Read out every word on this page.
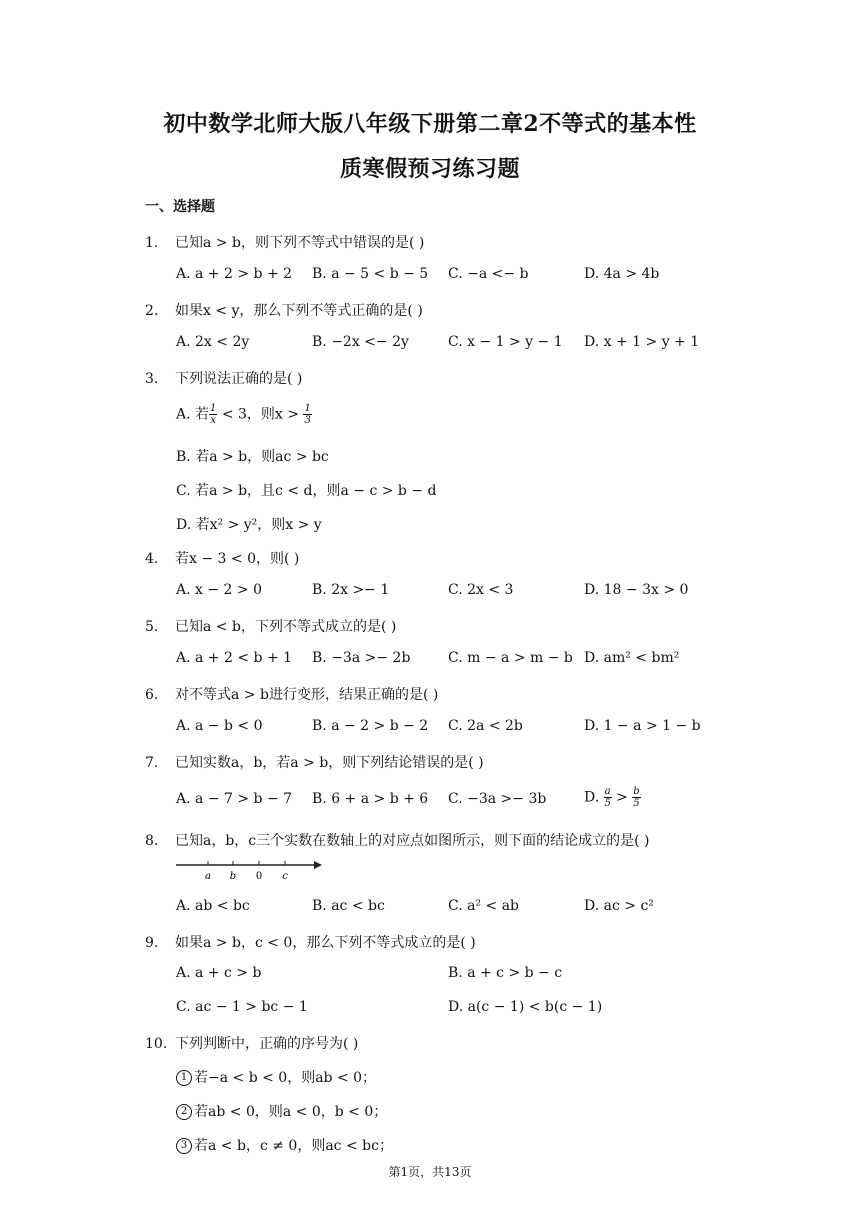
初中数学北师大版八年级下册第二章2不等式的基本性
质寒假预习练习题
一、选择题
1. 已知a > b，则下列不等式中错误的是( )
A. a + 2 > b + 2 B. a − 5 < b − 5 C. −a <− b	D. 4a > 4b
2. 如果x < y，那么下列不等式正确的是( )
A. 2x < 2y	B. −2x <− 2y	C. x − 1 > y − 1 D. x + 1 > y + 1
3. 下列说法正确的是( )
A. 若 $\frac{1}{x} < 3$，则$x > \frac{1}{3}$
B. 若a > b，则ac > bc
C. 若a > b，且c < d，则a − c > b − d
D. 若x² > y²，则x > y
4. 若x − 3 < 0，则( )
A. x − 2 > 0	B. 2x >− 1	C. 2x < 3	D. 18 − 3x > 0
5. 已知a < b，下列不等式成立的是( )
A. a + 2 < b + 1 B. −3a >− 2b	C. m − a > m − b D. am² < bm²
6. 对不等式a > b进行变形，结果正确的是( )
A. a − b < 0	B. a − 2 > b − 2 C. 2a < 2b	D. 1 − a > 1 − b
7. 已知实数a，b，若a > b，则下列结论错误的是( )
A. a − 7 > b − 7 B. 6 + a > b + 6 C. −3a >− 3b	D. $\frac{a}{5} > \frac{b}{5}$
8. 已知a，b，c三个实数在数轴上的对应点如图所示，则下面的结论成立的是( )
a b 0 c
A. ab < bc	B. ac < bc	C. a² < ab	D. ac > c²
9. 如果a > b，c < 0，那么下列不等式成立的是( )
A. a + c > b	B. a + c > b − c
C. ac − 1 > bc − 1	D. a(c − 1) < b(c − 1)
10. 下列判断中，正确的序号为( )
1 若−a < b < 0，则ab < 0；
2 若ab < 0，则a < 0，b < 0；
3 若a < b，c ≠ 0，则ac < bc；
第1页，共13页
